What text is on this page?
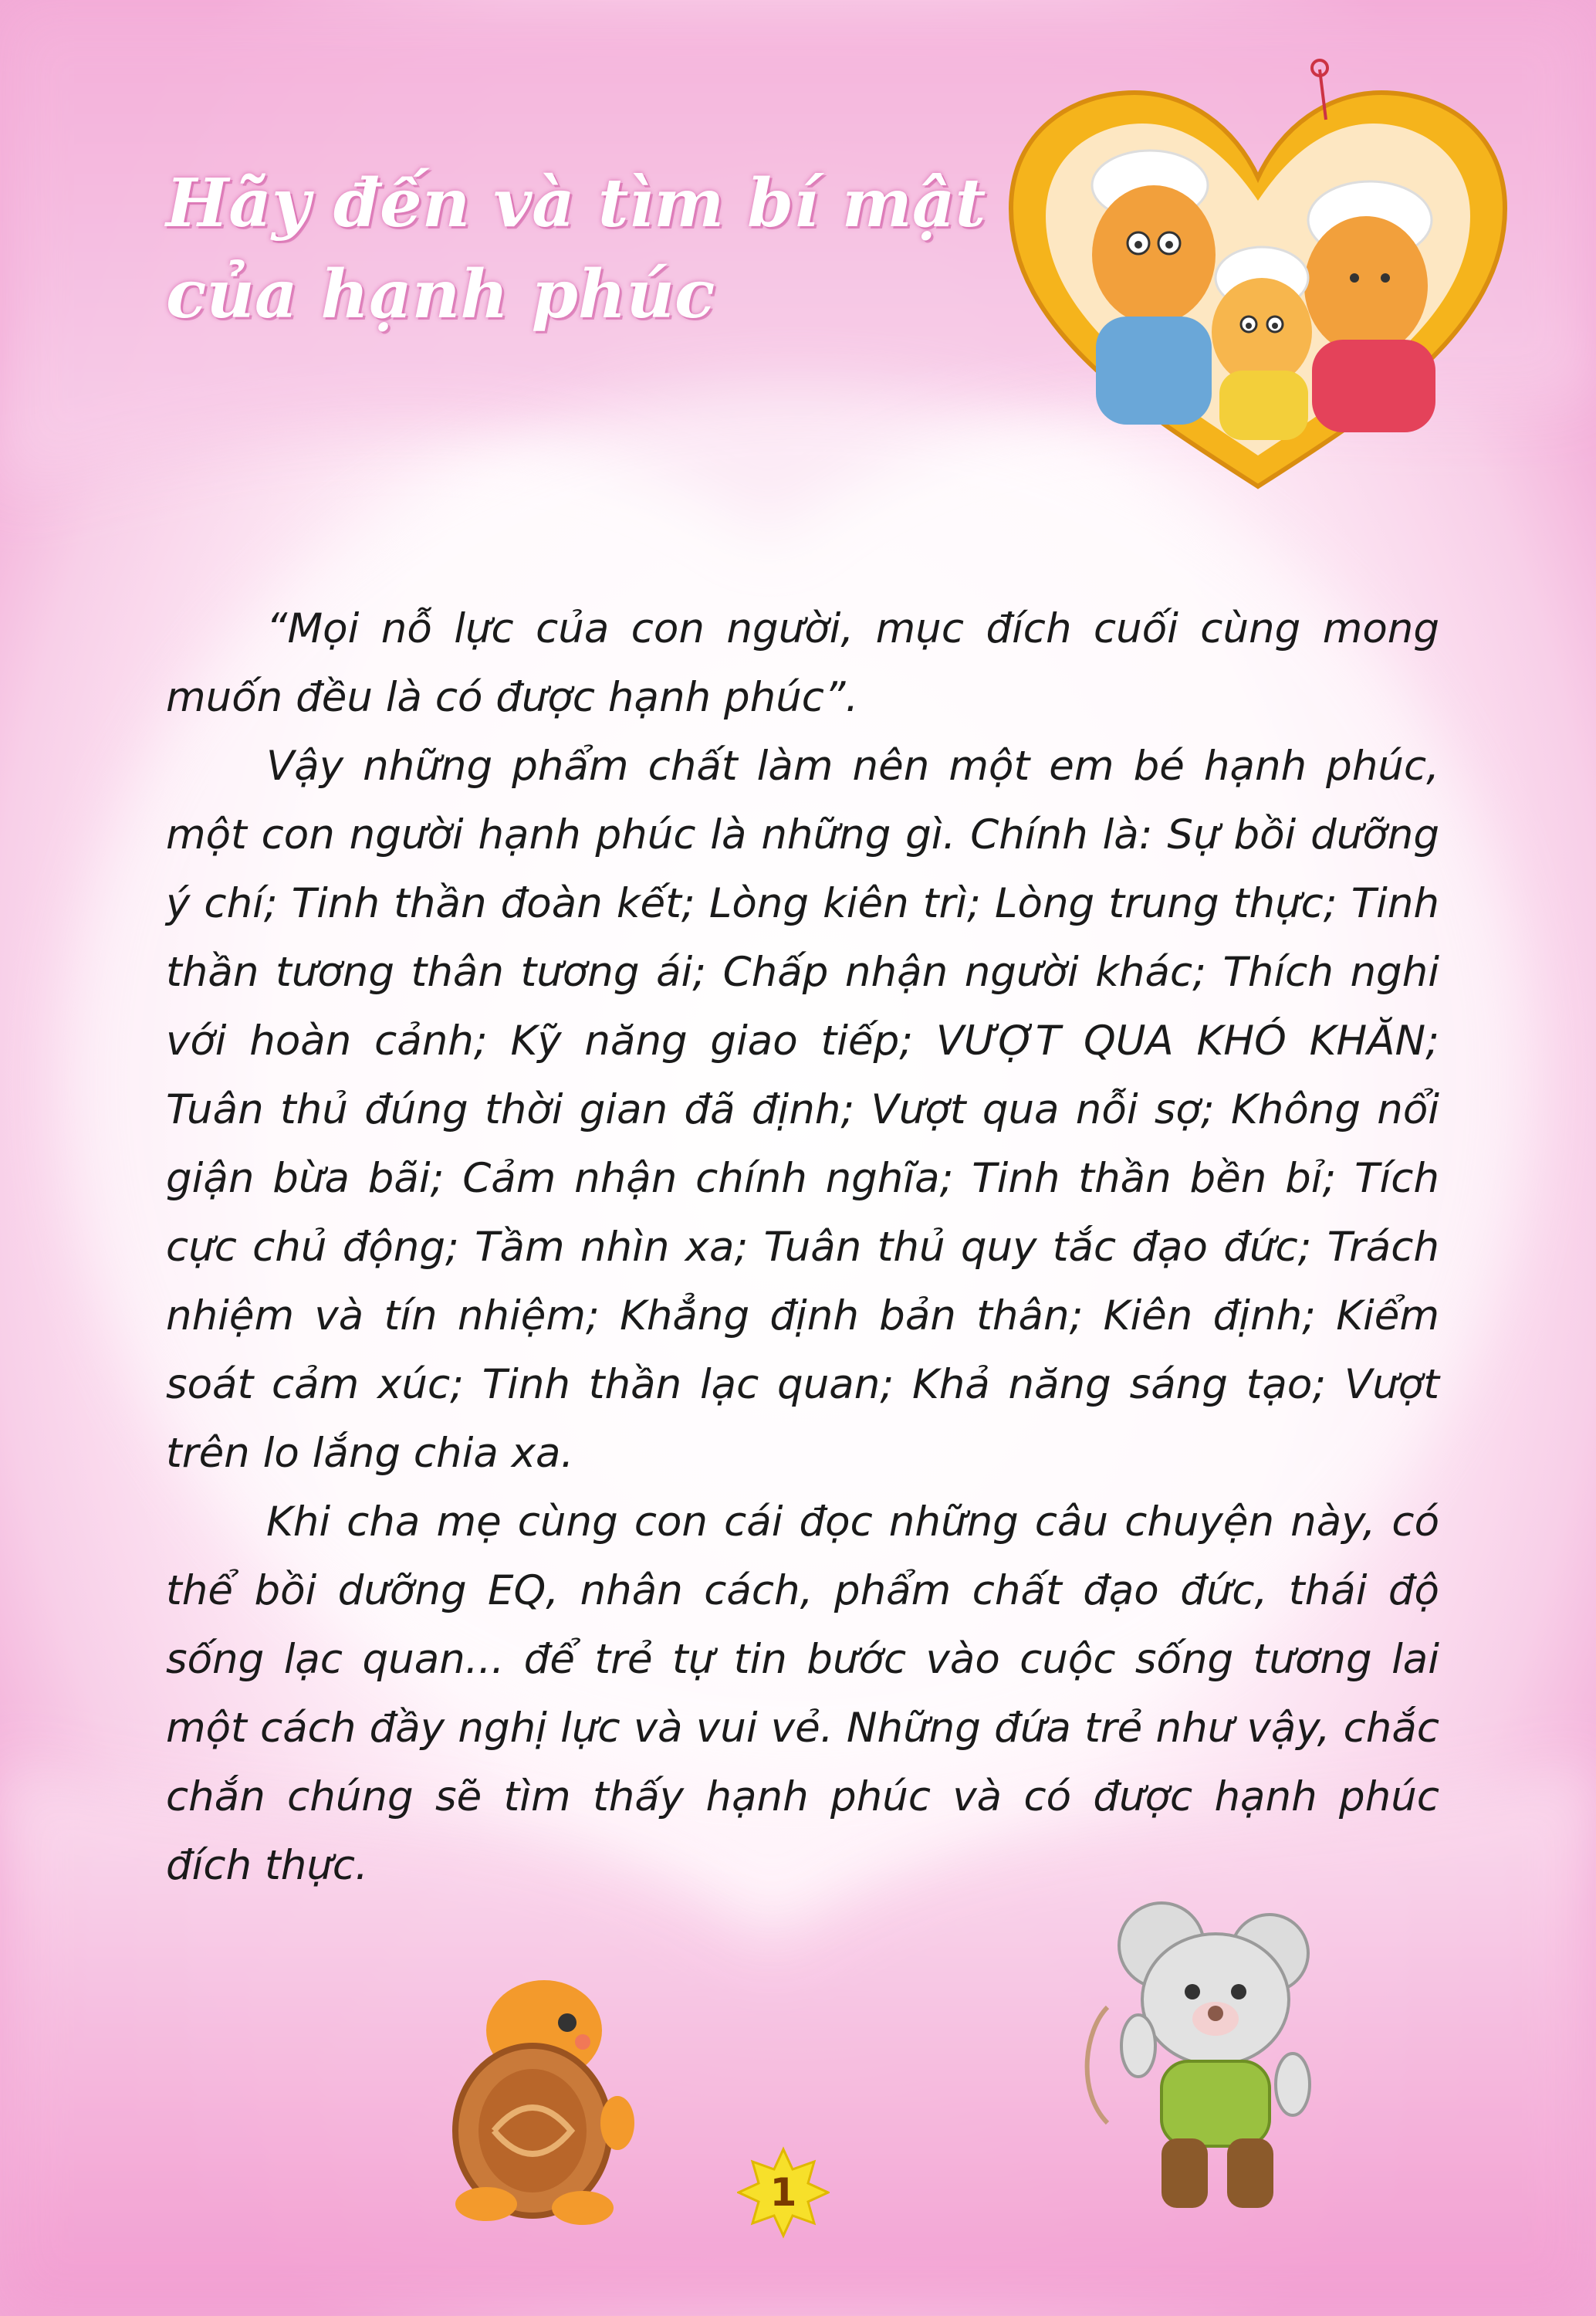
Hãy đến và tìm bí mật
của hạnh phúc

“Mọi nỗ lực của con người, mục đích cuối cùng mong muốn đều là có được hạnh phúc”.

Vậy những phẩm chất làm nên một em bé hạnh phúc, một con người hạnh phúc là những gì. Chính là: Sự bồi dưỡng ý chí; Tinh thần đoàn kết; Lòng kiên trì; Lòng trung thực; Tinh thần tương thân tương ái; Chấp nhận người khác; Thích nghi với hoàn cảnh; Kỹ năng giao tiếp; VƯỢT QUA KHÓ KHĂN; Tuân thủ đúng thời gian đã định; Vượt qua nỗi sợ; Không nổi giận bừa bãi; Cảm nhận chính nghĩa; Tinh thần bền bỉ; Tích cực chủ động; Tầm nhìn xa; Tuân thủ quy tắc đạo đức; Trách nhiệm và tín nhiệm; Khẳng định bản thân; Kiên định; Kiểm soát cảm xúc; Tinh thần lạc quan; Khả năng sáng tạo; Vượt trên lo lắng chia xa.

Khi cha mẹ cùng con cái đọc những câu chuyện này, có thể bồi dưỡng EQ, nhân cách, phẩm chất đạo đức, thái độ sống lạc quan... để trẻ tự tin bước vào cuộc sống tương lai một cách đầy nghị lực và vui vẻ. Những đứa trẻ như vậy, chắc chắn chúng sẽ tìm thấy hạnh phúc và có được hạnh phúc đích thực.

1
